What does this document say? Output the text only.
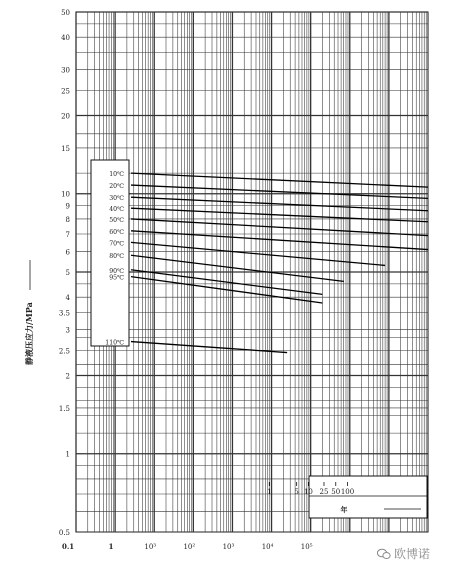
50
40
30
25
20
15
10
9
8
7
6
5
4
3.5
3
2.5
2
1.5
1
0.5
0.1	1	10³	10²	10³	10⁴	10⁵
10℃
20℃
30℃
40℃
50℃
60℃
70℃
80℃
90℃
95℃
110℃
1	5 10 25 50 100
年
静液压应力/MPa
欧博诺
